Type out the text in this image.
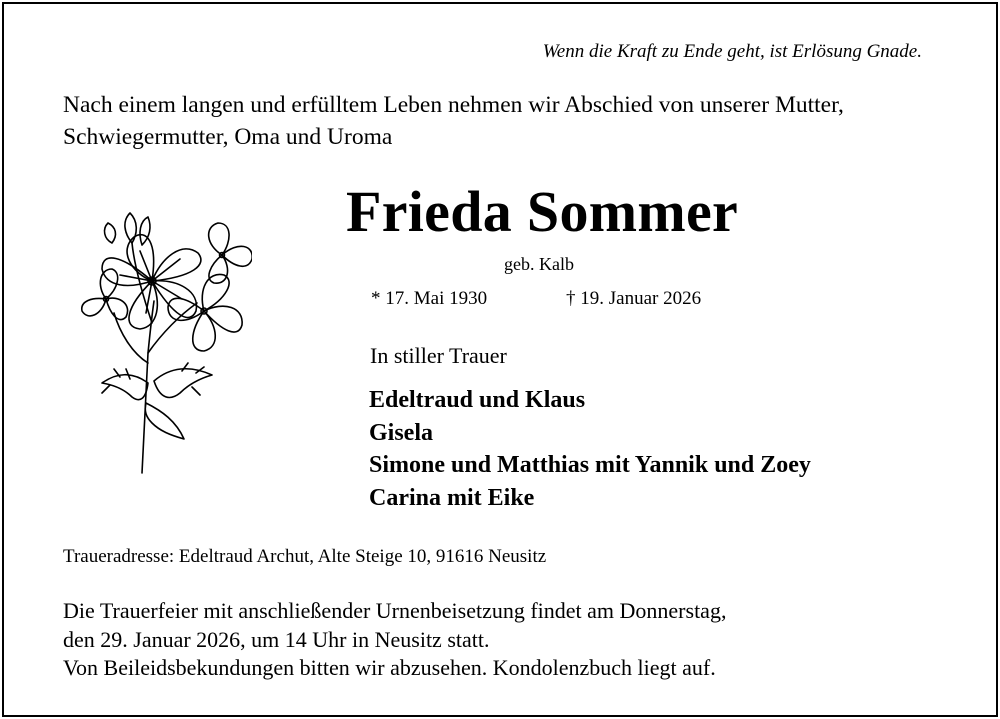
Wenn die Kraft zu Ende geht, ist Erlösung Gnade.
Nach einem langen und erfülltem Leben nehmen wir Abschied von unserer Mutter, Schwiegermutter, Oma und Uroma
Frieda Sommer
geb. Kalb
* 17. Mai 1930	† 19. Januar 2026
In stiller Trauer
Edeltraud und Klaus
Gisela
Simone und Matthias mit Yannik und Zoey
Carina mit Eike
Traueradresse: Edeltraud Archut, Alte Steige 10, 91616 Neusitz
Die Trauerfeier mit anschließender Urnenbeisetzung findet am Donnerstag,
den 29. Januar 2026, um 14 Uhr in Neusitz statt.
Von Beileidsbekundungen bitten wir abzusehen. Kondolenzbuch liegt auf.
